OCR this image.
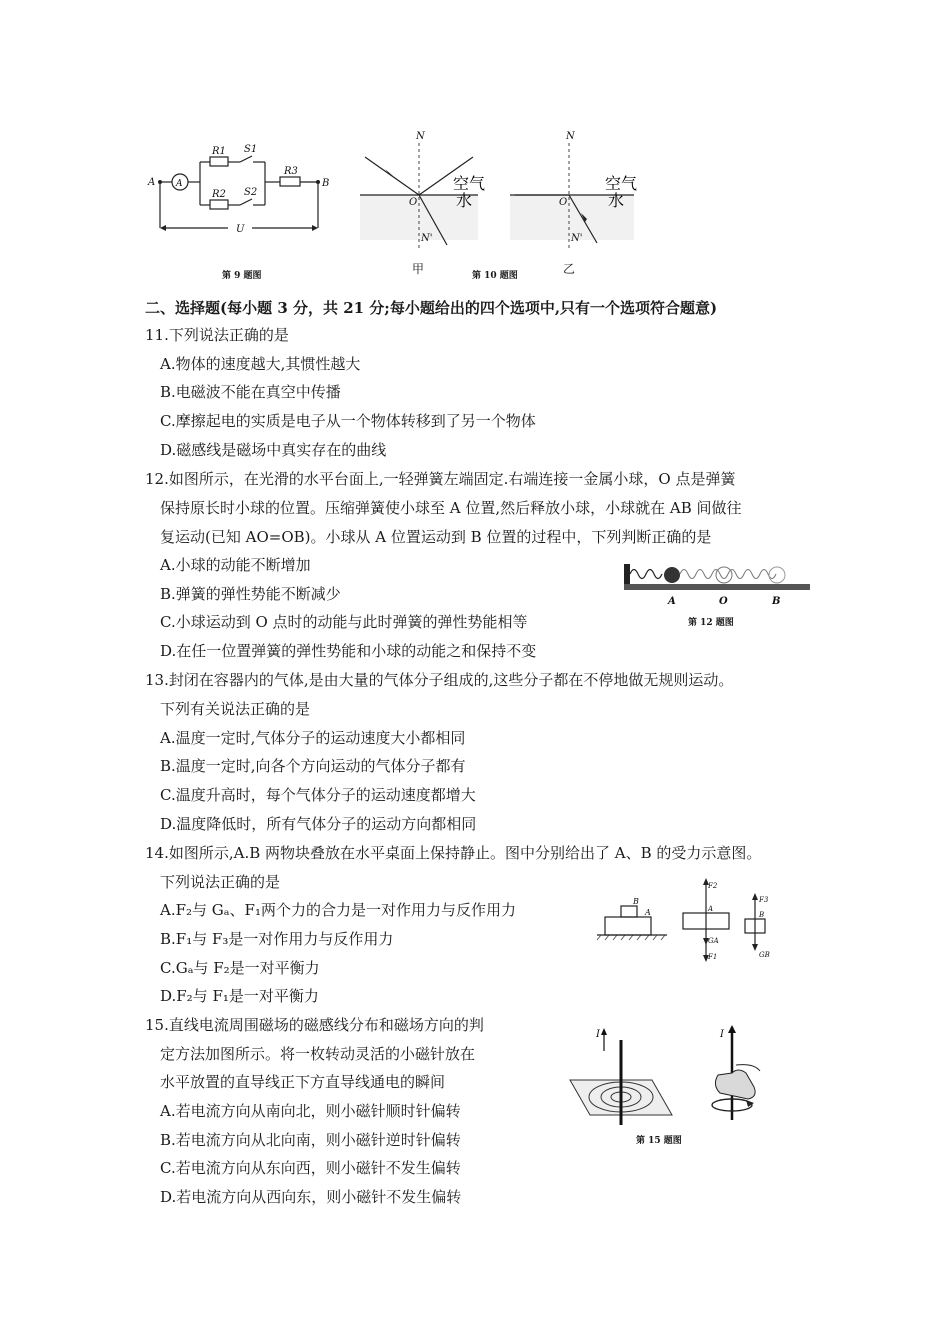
A A
R1 S1
R2 S2
R3
B
U
第 9 题图
N
O
空气
水
N'
甲	第 10 题图
N
O
空气
水
N'
乙
二、选择题(每小题 3 分，共 21 分;每小题给出的四个选项中,只有一个选项符合题意)
11.下列说法正确的是
A.物体的速度越大,其惯性越大
B.电磁波不能在真空中传播
C.摩擦起电的实质是电子从一个物体转移到了另一个物体
D.磁感线是磁场中真实存在的曲线
12.如图所示，在光滑的水平台面上,一轻弹簧左端固定.右端连接一金属小球，O 点是弹簧
保持原长时小球的位置。压缩弹簧使小球至 A 位置,然后释放小球，小球就在 AB 间做往
复运动(已知 AO=OB)。小球从 A 位置运动到 B 位置的过程中，下列判断正确的是
A.小球的动能不断增加
B.弹簧的弹性势能不断减少
C.小球运动到 O 点时的动能与此时弹簧的弹性势能相等
D.在任一位置弹簧的弹性势能和小球的动能之和保持不变
A	O	B
第 12 题图
13.封闭在容器内的气体,是由大量的气体分子组成的,这些分子都在不停地做无规则运动。
下列有关说法正确的是
A.温度一定时,气体分子的运动速度大小都相同
B.温度一定时,向各个方向运动的气体分子都有
C.温度升高时，每个气体分子的运动速度都增大
D.温度降低时，所有气体分子的运动方向都相同
14.如图所示,A.B 两物块叠放在水平桌面上保持静止。图中分别给出了 A、B 的受力示意图。
下列说法正确的是
A.F₂与 Gₐ、F₁两个力的合力是一对作用力与反作用力
B.F₁与 F₃是一对作用力与反作用力
C.Gₐ与 F₂是一对平衡力
D.F₂与 F₁是一对平衡力
B
A
F2
A
GA
F1
F3
B
GB
15.直线电流周围磁场的磁感线分布和磁场方向的判
定方法加图所示。将一枚转动灵活的小磁针放在
水平放置的直导线正下方直导线通电的瞬间
A.若电流方向从南向北，则小磁针顺时针偏转
B.若电流方向从北向南，则小磁针逆时针偏转
C.若电流方向从东向西，则小磁针不发生偏转
D.若电流方向从西向东，则小磁针不发生偏转
I	I
第 15 题图
